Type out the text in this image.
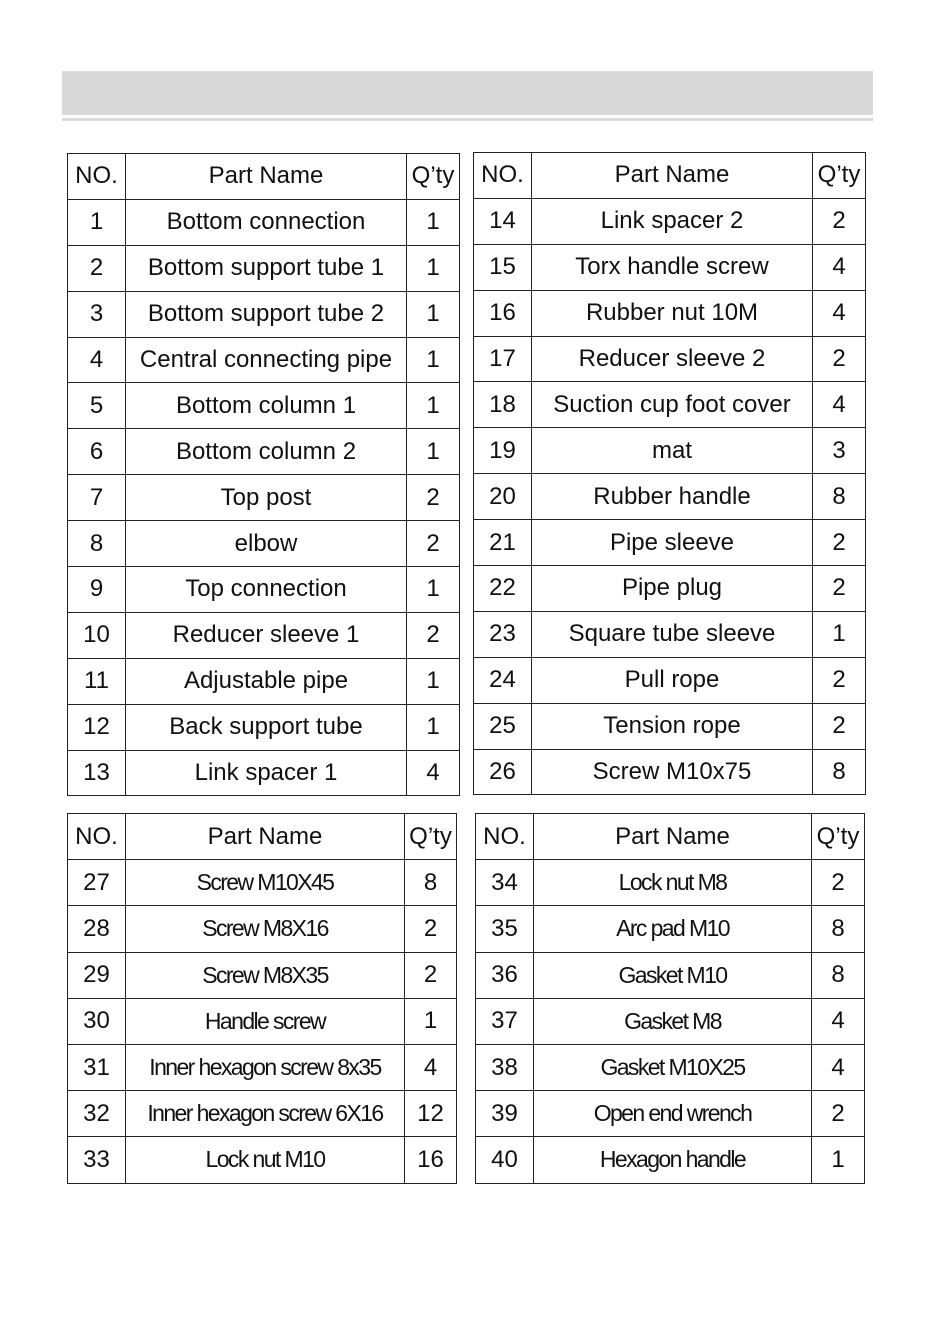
NO.	Part Name	Q’ty
1	Bottom connection	1
2	Bottom support tube 1	1
3	Bottom support tube 2	1
4	Central connecting pipe	1
5	Bottom column 1	1
6	Bottom column 2	1
7	Top post	2
8	elbow	2
9	Top connection	1
10	Reducer sleeve 1	2
11	Adjustable pipe	1
12	Back support tube	1
13	Link spacer 1	4
NO.	Part Name	Q’ty
14	Link spacer 2	2
15	Torx handle screw	4
16	Rubber nut 10M	4
17	Reducer sleeve 2	2
18	Suction cup foot cover	4
19	mat	3
20	Rubber handle	8
21	Pipe sleeve	2
22	Pipe plug	2
23	Square tube sleeve	1
24	Pull rope	2
25	Tension rope	2
26	Screw M10x75	8
NO.	Part Name	Q’ty
27	Screw M10X45	8
28	Screw M8X16	2
29	Screw M8X35	2
30	Handle screw	1
31	Inner hexagon screw 8x35	4
32	Inner hexagon screw 6X16	12
33	Lock nut M10	16
NO.	Part Name	Q’ty
34	Lock nut M8	2
35	Arc pad M10	8
36	Gasket M10	8
37	Gasket M8	4
38	Gasket M10X25	4
39	Open end wrench	2
40	Hexagon handle	1
